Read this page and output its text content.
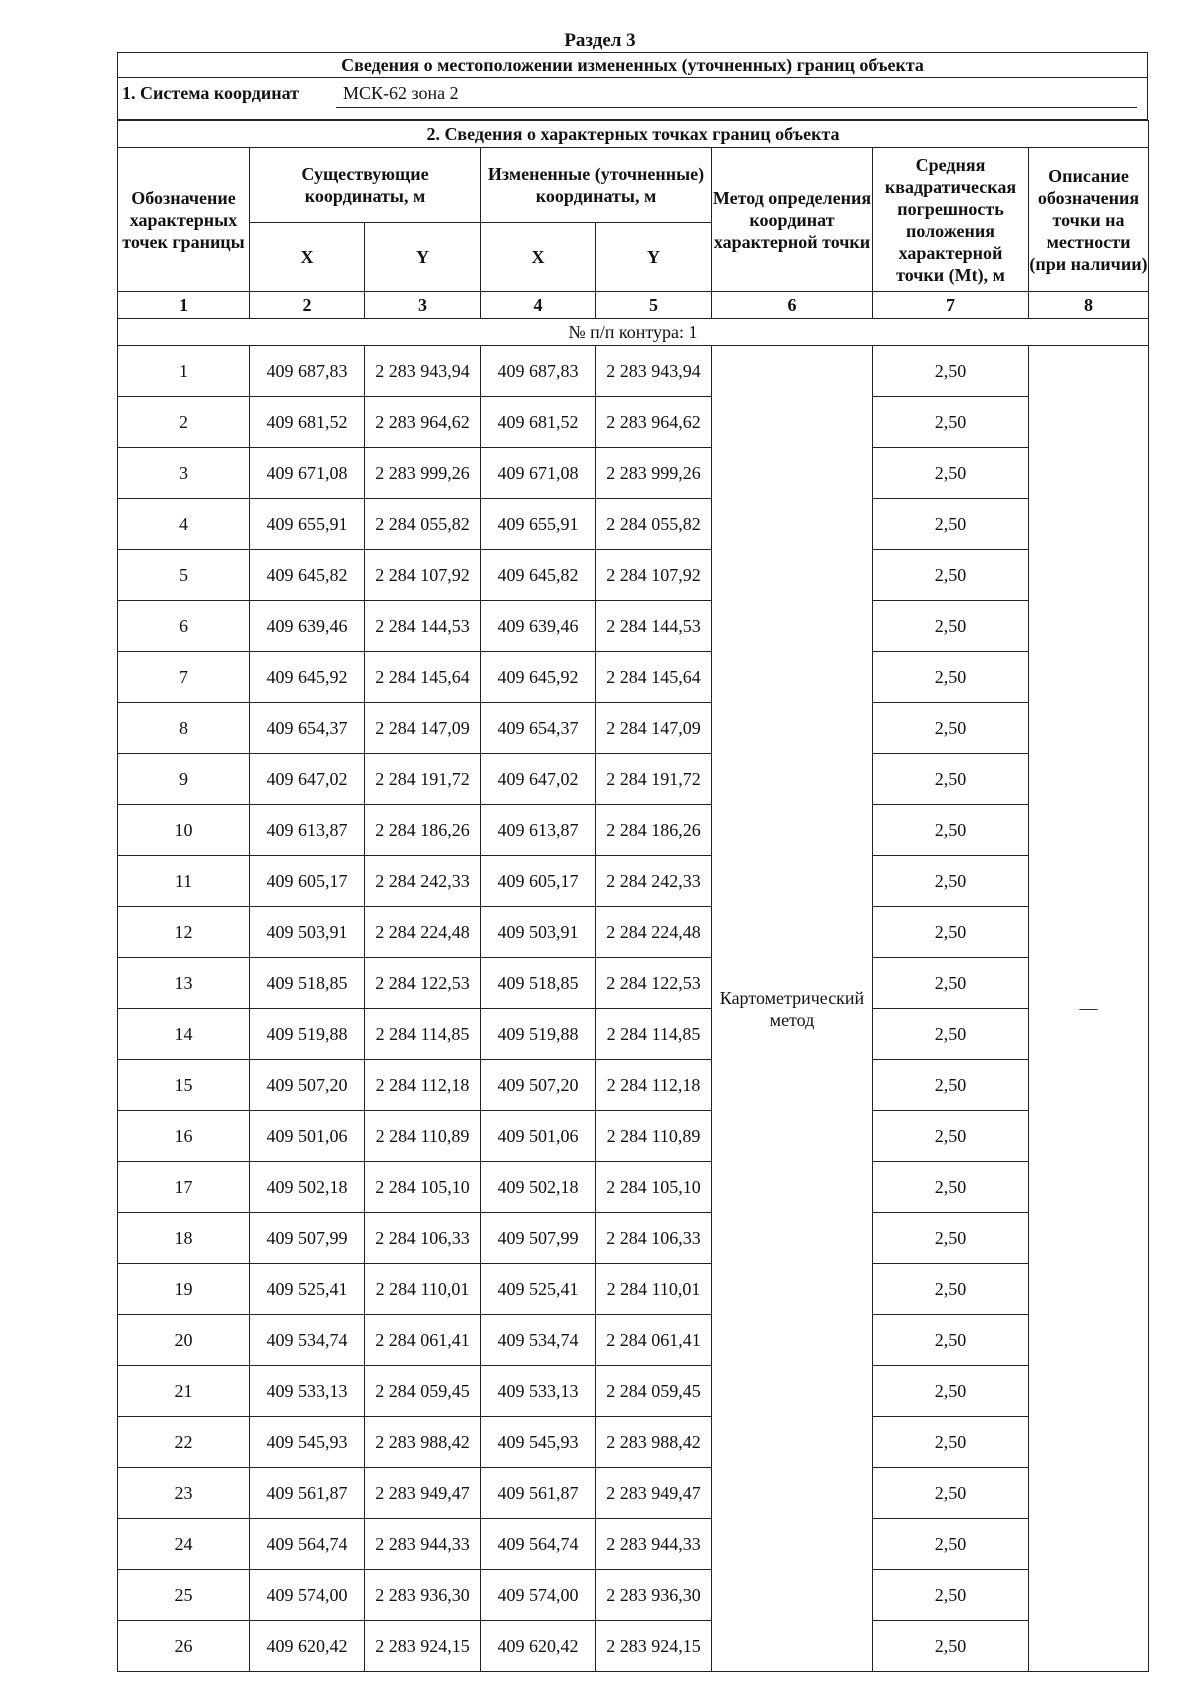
Раздел 3
Сведения о местоположении измененных (уточненных) границ объекта
1. Система координат МСК-62 зона 2
2. Сведения о характерных точках границ объекта							
Обозначение характерных точек границы	Существующие координаты, м		Измененные (уточненные) координаты, м		Метод определения координат характерной точки	Средняя квадратическая погрешность положения характерной точки (Mt), м	Описание обозначения точки на местности (при наличии)
	X	Y	X	Y			
1	2	3	4	5	6	7	8
№ п/п контура: 1							
1	409 687,83	2 283 943,94	409 687,83	2 283 943,94	Картометрический метод	2,50	—
2	409 681,52	2 283 964,62	409 681,52	2 283 964,62		2,50	
3	409 671,08	2 283 999,26	409 671,08	2 283 999,26		2,50	
4	409 655,91	2 284 055,82	409 655,91	2 284 055,82		2,50	
5	409 645,82	2 284 107,92	409 645,82	2 284 107,92		2,50	
6	409 639,46	2 284 144,53	409 639,46	2 284 144,53		2,50	
7	409 645,92	2 284 145,64	409 645,92	2 284 145,64		2,50	
8	409 654,37	2 284 147,09	409 654,37	2 284 147,09		2,50	
9	409 647,02	2 284 191,72	409 647,02	2 284 191,72		2,50	
10	409 613,87	2 284 186,26	409 613,87	2 284 186,26		2,50	
11	409 605,17	2 284 242,33	409 605,17	2 284 242,33		2,50	
12	409 503,91	2 284 224,48	409 503,91	2 284 224,48		2,50	
13	409 518,85	2 284 122,53	409 518,85	2 284 122,53		2,50	
14	409 519,88	2 284 114,85	409 519,88	2 284 114,85		2,50	
15	409 507,20	2 284 112,18	409 507,20	2 284 112,18		2,50	
16	409 501,06	2 284 110,89	409 501,06	2 284 110,89		2,50	
17	409 502,18	2 284 105,10	409 502,18	2 284 105,10		2,50	
18	409 507,99	2 284 106,33	409 507,99	2 284 106,33		2,50	
19	409 525,41	2 284 110,01	409 525,41	2 284 110,01		2,50	
20	409 534,74	2 284 061,41	409 534,74	2 284 061,41		2,50	
21	409 533,13	2 284 059,45	409 533,13	2 284 059,45		2,50	
22	409 545,93	2 283 988,42	409 545,93	2 283 988,42		2,50	
23	409 561,87	2 283 949,47	409 561,87	2 283 949,47		2,50	
24	409 564,74	2 283 944,33	409 564,74	2 283 944,33		2,50	
25	409 574,00	2 283 936,30	409 574,00	2 283 936,30		2,50	
26	409 620,42	2 283 924,15	409 620,42	2 283 924,15		2,50	
